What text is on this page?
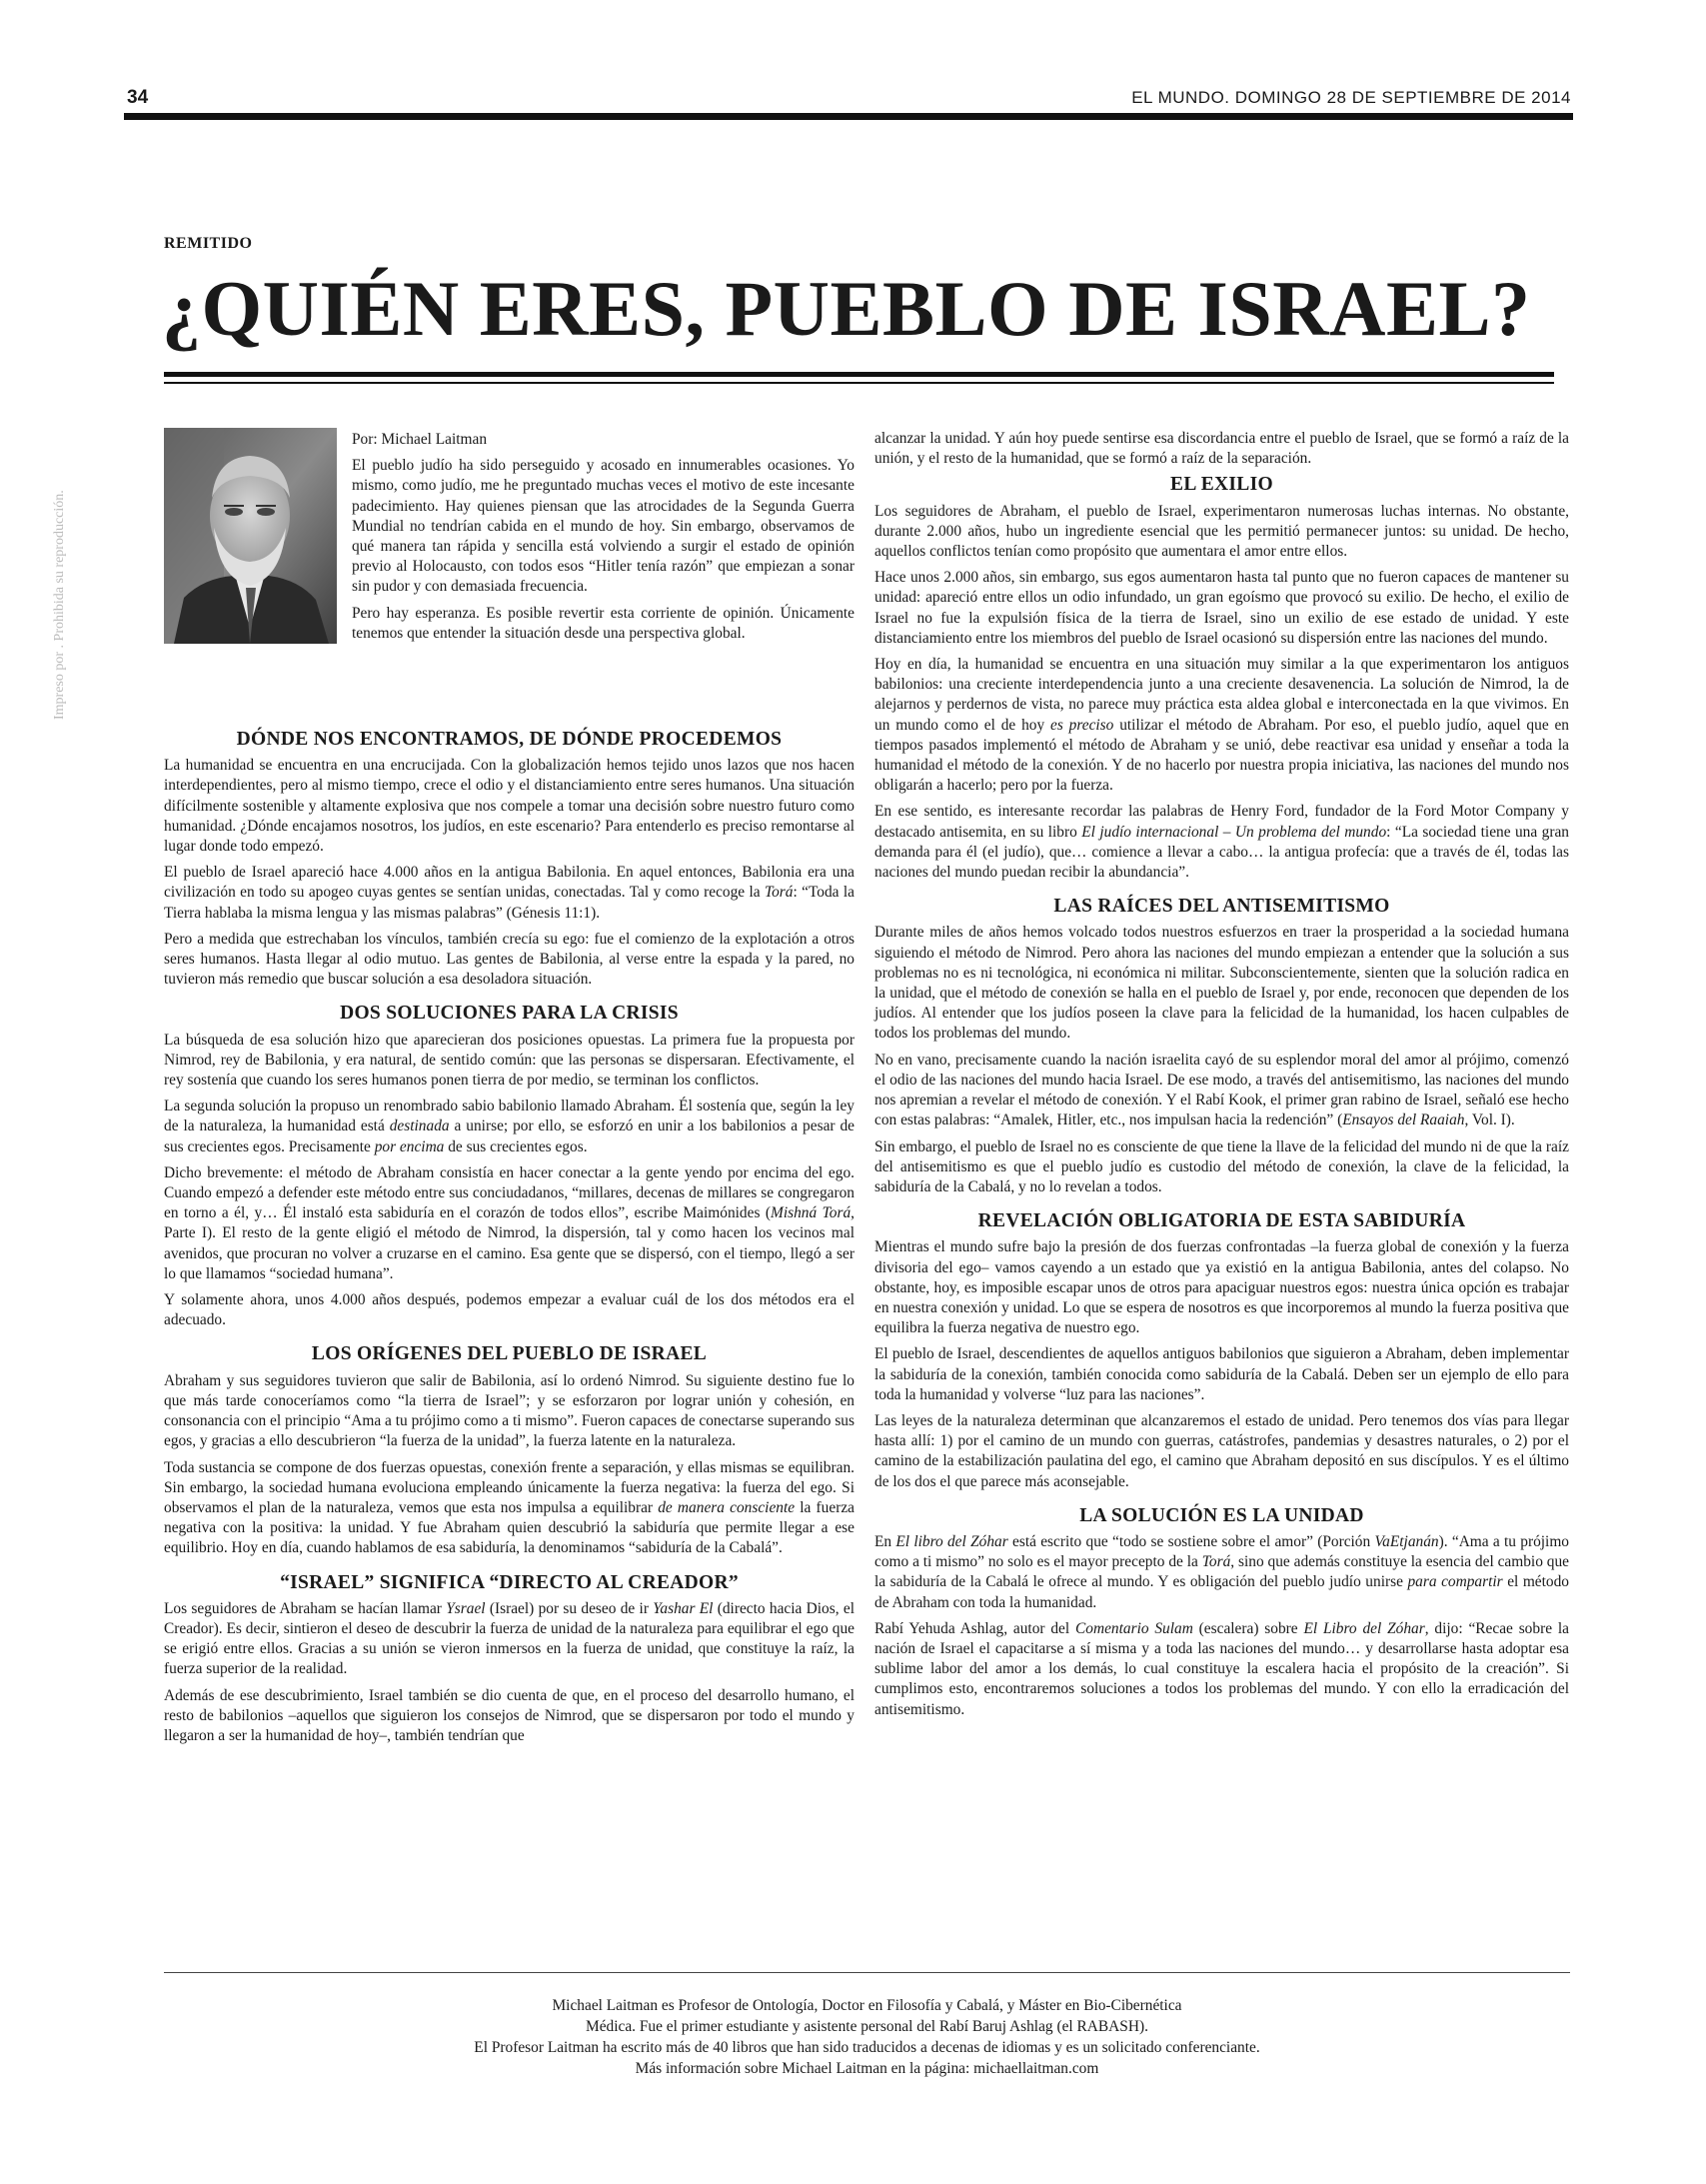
34	EL MUNDO. DOMINGO 28 DE SEPTIEMBRE DE 2014
Impreso por . Prohibida su reproducción.
REMITIDO
¿QUIÉN ERES, PUEBLO DE ISRAEL?

Por: Michael Laitman

El pueblo judío ha sido perseguido y acosado en innumerables ocasiones. Yo mismo, como judío, me he preguntado muchas veces el motivo de este incesante padecimiento. Hay quienes piensan que las atrocidades de la Segunda Guerra Mundial no tendrían cabida en el mundo de hoy. Sin embargo, observamos de qué manera tan rápida y sencilla está volviendo a surgir el estado de opinión previo al Holocausto, con todos esos “Hitler tenía razón” que empiezan a sonar sin pudor y con demasiada frecuencia.

Pero hay esperanza. Es posible revertir esta corriente de opinión. Únicamente tenemos que entender la situación desde una perspectiva global.

DÓNDE NOS ENCONTRAMOS, DE DÓNDE PROCEDEMOS

La humanidad se encuentra en una encrucijada. Con la globalización hemos tejido unos lazos que nos hacen interdependientes, pero al mismo tiempo, crece el odio y el distanciamiento entre seres humanos. Una situación difícilmente sostenible y altamente explosiva que nos compele a tomar una decisión sobre nuestro futuro como humanidad. ¿Dónde encajamos nosotros, los judíos, en este escenario? Para entenderlo es preciso remontarse al lugar donde todo empezó.

El pueblo de Israel apareció hace 4.000 años en la antigua Babilonia. En aquel entonces, Babilonia era una civilización en todo su apogeo cuyas gentes se sentían unidas, conectadas. Tal y como recoge la Torá: “Toda la Tierra hablaba la misma lengua y las mismas palabras” (Génesis 11:1).

Pero a medida que estrechaban los vínculos, también crecía su ego: fue el comienzo de la explotación a otros seres humanos. Hasta llegar al odio mutuo. Las gentes de Babilonia, al verse entre la espada y la pared, no tuvieron más remedio que buscar solución a esa desoladora situación.

DOS SOLUCIONES PARA LA CRISIS

La búsqueda de esa solución hizo que aparecieran dos posiciones opuestas. La primera fue la propuesta por Nimrod, rey de Babilonia, y era natural, de sentido común: que las personas se dispersaran. Efectivamente, el rey sostenía que cuando los seres humanos ponen tierra de por medio, se terminan los conflictos.

La segunda solución la propuso un renombrado sabio babilonio llamado Abraham. Él sostenía que, según la ley de la naturaleza, la humanidad está destinada a unirse; por ello, se esforzó en unir a los babilonios a pesar de sus crecientes egos. Precisamente por encima de sus crecientes egos.

Dicho brevemente: el método de Abraham consistía en hacer conectar a la gente yendo por encima del ego. Cuando empezó a defender este método entre sus conciudadanos, “millares, decenas de millares se congregaron en torno a él, y… Él instaló esta sabiduría en el corazón de todos ellos”, escribe Maimónides (Mishná Torá, Parte I). El resto de la gente eligió el método de Nimrod, la dispersión, tal y como hacen los vecinos mal avenidos, que procuran no volver a cruzarse en el camino. Esa gente que se dispersó, con el tiempo, llegó a ser lo que llamamos “sociedad humana”.

Y solamente ahora, unos 4.000 años después, podemos empezar a evaluar cuál de los dos métodos era el adecuado.

LOS ORÍGENES DEL PUEBLO DE ISRAEL

Abraham y sus seguidores tuvieron que salir de Babilonia, así lo ordenó Nimrod. Su siguiente destino fue lo que más tarde conoceríamos como “la tierra de Israel”; y se esforzaron por lograr unión y cohesión, en consonancia con el principio “Ama a tu prójimo como a ti mismo”. Fueron capaces de conectarse superando sus egos, y gracias a ello descubrieron “la fuerza de la unidad”, la fuerza latente en la naturaleza.

Toda sustancia se compone de dos fuerzas opuestas, conexión frente a separación, y ellas mismas se equilibran. Sin embargo, la sociedad humana evoluciona empleando únicamente la fuerza negativa: la fuerza del ego. Si observamos el plan de la naturaleza, vemos que esta nos impulsa a equilibrar de manera consciente la fuerza negativa con la positiva: la unidad. Y fue Abraham quien descubrió la sabiduría que permite llegar a ese equilibrio. Hoy en día, cuando hablamos de esa sabiduría, la denominamos “sabiduría de la Cabalá”.

“ISRAEL” SIGNIFICA “DIRECTO AL CREADOR”

Los seguidores de Abraham se hacían llamar Ysrael (Israel) por su deseo de ir Yashar El (directo hacia Dios, el Creador). Es decir, sintieron el deseo de descubrir la fuerza de unidad de la naturaleza para equilibrar el ego que se erigió entre ellos. Gracias a su unión se vieron inmersos en la fuerza de unidad, que constituye la raíz, la fuerza superior de la realidad.

Además de ese descubrimiento, Israel también se dio cuenta de que, en el proceso del desarrollo humano, el resto de babilonios –aquellos que siguieron los consejos de Nimrod, que se dispersaron por todo el mundo y llegaron a ser la humanidad de hoy–, también tendrían que

alcanzar la unidad. Y aún hoy puede sentirse esa discordancia entre el pueblo de Israel, que se formó a raíz de la unión, y el resto de la humanidad, que se formó a raíz de la separación.

EL EXILIO

Los seguidores de Abraham, el pueblo de Israel, experimentaron numerosas luchas internas. No obstante, durante 2.000 años, hubo un ingrediente esencial que les permitió permanecer juntos: su unidad. De hecho, aquellos conflictos tenían como propósito que aumentara el amor entre ellos.

Hace unos 2.000 años, sin embargo, sus egos aumentaron hasta tal punto que no fueron capaces de mantener su unidad: apareció entre ellos un odio infundado, un gran egoísmo que provocó su exilio. De hecho, el exilio de Israel no fue la expulsión física de la tierra de Israel, sino un exilio de ese estado de unidad. Y este distanciamiento entre los miembros del pueblo de Israel ocasionó su dispersión entre las naciones del mundo.

Hoy en día, la humanidad se encuentra en una situación muy similar a la que experimentaron los antiguos babilonios: una creciente interdependencia junto a una creciente desavenencia. La solución de Nimrod, la de alejarnos y perdernos de vista, no parece muy práctica esta aldea global e interconectada en la que vivimos. En un mundo como el de hoy es preciso utilizar el método de Abraham. Por eso, el pueblo judío, aquel que en tiempos pasados implementó el método de Abraham y se unió, debe reactivar esa unidad y enseñar a toda la humanidad el método de la conexión. Y de no hacerlo por nuestra propia iniciativa, las naciones del mundo nos obligarán a hacerlo; pero por la fuerza.

En ese sentido, es interesante recordar las palabras de Henry Ford, fundador de la Ford Motor Company y destacado antisemita, en su libro El judío internacional – Un problema del mundo: “La sociedad tiene una gran demanda para él (el judío), que… comience a llevar a cabo… la antigua profecía: que a través de él, todas las naciones del mundo puedan recibir la abundancia”.

LAS RAÍCES DEL ANTISEMITISMO

Durante miles de años hemos volcado todos nuestros esfuerzos en traer la prosperidad a la sociedad humana siguiendo el método de Nimrod. Pero ahora las naciones del mundo empiezan a entender que la solución a sus problemas no es ni tecnológica, ni económica ni militar. Subconscientemente, sienten que la solución radica en la unidad, que el método de conexión se halla en el pueblo de Israel y, por ende, reconocen que dependen de los judíos. Al entender que los judíos poseen la clave para la felicidad de la humanidad, los hacen culpables de todos los problemas del mundo.

No en vano, precisamente cuando la nación israelita cayó de su esplendor moral del amor al prójimo, comenzó el odio de las naciones del mundo hacia Israel. De ese modo, a través del antisemitismo, las naciones del mundo nos apremian a revelar el método de conexión. Y el Rabí Kook, el primer gran rabino de Israel, señaló ese hecho con estas palabras: “Amalek, Hitler, etc., nos impulsan hacia la redención” (Ensayos del Raaiah, Vol. I).

Sin embargo, el pueblo de Israel no es consciente de que tiene la llave de la felicidad del mundo ni de que la raíz del antisemitismo es que el pueblo judío es custodio del método de conexión, la clave de la felicidad, la sabiduría de la Cabalá, y no lo revelan a todos.

REVELACIÓN OBLIGATORIA DE ESTA SABIDURÍA

Mientras el mundo sufre bajo la presión de dos fuerzas confrontadas –la fuerza global de conexión y la fuerza divisoria del ego– vamos cayendo a un estado que ya existió en la antigua Babilonia, antes del colapso. No obstante, hoy, es imposible escapar unos de otros para apaciguar nuestros egos: nuestra única opción es trabajar en nuestra conexión y unidad. Lo que se espera de nosotros es que incorporemos al mundo la fuerza positiva que equilibra la fuerza negativa de nuestro ego.

El pueblo de Israel, descendientes de aquellos antiguos babilonios que siguieron a Abraham, deben implementar la sabiduría de la conexión, también conocida como sabiduría de la Cabalá. Deben ser un ejemplo de ello para toda la humanidad y volverse “luz para las naciones”.

Las leyes de la naturaleza determinan que alcanzaremos el estado de unidad. Pero tenemos dos vías para llegar hasta allí: 1) por el camino de un mundo con guerras, catástrofes, pandemias y desastres naturales, o 2) por el camino de la estabilización paulatina del ego, el camino que Abraham depositó en sus discípulos. Y es el último de los dos el que parece más aconsejable.

LA SOLUCIÓN ES LA UNIDAD

En El libro del Zóhar está escrito que “todo se sostiene sobre el amor” (Porción VaEtjanán). “Ama a tu prójimo como a ti mismo” no solo es el mayor precepto de la Torá, sino que además constituye la esencia del cambio que la sabiduría de la Cabalá le ofrece al mundo. Y es obligación del pueblo judío unirse para compartir el método de Abraham con toda la humanidad.

Rabí Yehuda Ashlag, autor del Comentario Sulam (escalera) sobre El Libro del Zóhar, dijo: “Recae sobre la nación de Israel el capacitarse a sí misma y a toda las naciones del mundo… y desarrollarse hasta adoptar esa sublime labor del amor a los demás, lo cual constituye la escalera hacia el propósito de la creación”. Si cumplimos esto, encontraremos soluciones a todos los problemas del mundo. Y con ello la erradicación del antisemitismo.

Michael Laitman es Profesor de Ontología, Doctor en Filosofía y Cabalá, y Máster en Bio-Cibernética
Médica. Fue el primer estudiante y asistente personal del Rabí Baruj Ashlag (el RABASH).
El Profesor Laitman ha escrito más de 40 libros que han sido traducidos a decenas de idiomas y es un solicitado conferenciante.
Más información sobre Michael Laitman en la página: michaellaitman.com
